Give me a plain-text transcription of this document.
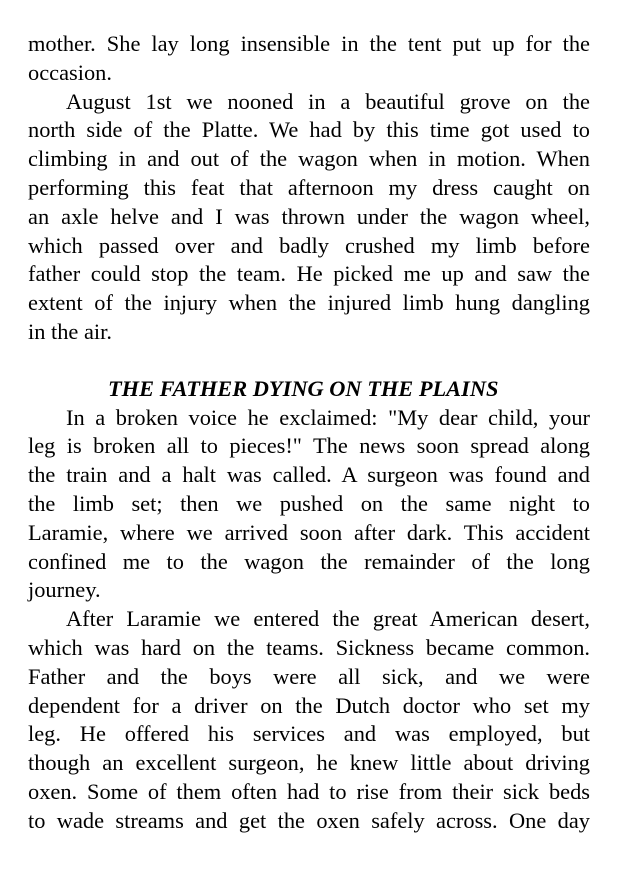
mother. She lay long insensible in the tent put up for the
occasion.
August 1st we nooned in a beautiful grove on the
north side of the Platte. We had by this time got used to
climbing in and out of the wagon when in motion. When
performing this feat that afternoon my dress caught on
an axle helve and I was thrown under the wagon wheel,
which passed over and badly crushed my limb before
father could stop the team. He picked me up and saw the
extent of the injury when the injured limb hung dangling
in the air.
THE FATHER DYING ON THE PLAINS
In a broken voice he exclaimed: "My dear child, your
leg is broken all to pieces!" The news soon spread along
the train and a halt was called. A surgeon was found and
the limb set; then we pushed on the same night to
Laramie, where we arrived soon after dark. This accident
confined me to the wagon the remainder of the long
journey.
After Laramie we entered the great American desert,
which was hard on the teams. Sickness became common.
Father and the boys were all sick, and we were
dependent for a driver on the Dutch doctor who set my
leg. He offered his services and was employed, but
though an excellent surgeon, he knew little about driving
oxen. Some of them often had to rise from their sick beds
to wade streams and get the oxen safely across. One day
